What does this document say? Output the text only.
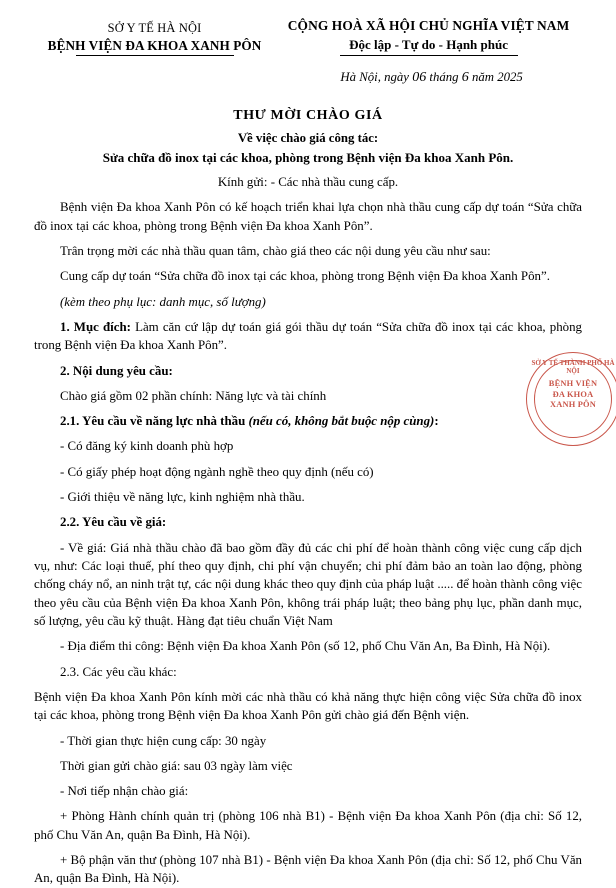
SỞ Y TẾ HÀ NỘI
BỆNH VIỆN ĐA KHOA XANH PÔN
CỘNG HOÀ XÃ HỘI CHỦ NGHĨA VIỆT NAM
Độc lập - Tự do - Hạnh phúc
Hà Nội, ngày 06 tháng 6 năm 2025
THƯ MỜI CHÀO GIÁ
Về việc chào giá công tác:
Sửa chữa đồ inox tại các khoa, phòng trong Bệnh viện Đa khoa Xanh Pôn.
Kính gửi: - Các nhà thầu cung cấp.
Bệnh viện Đa khoa Xanh Pôn có kế hoạch triển khai lựa chọn nhà thầu cung cấp dự toán “Sửa chữa đồ inox tại các khoa, phòng trong Bệnh viện Đa khoa Xanh Pôn”.
Trân trọng mời các nhà thầu quan tâm, chào giá theo các nội dung yêu cầu như sau:
Cung cấp dự toán “Sửa chữa đồ inox tại các khoa, phòng trong Bệnh viện Đa khoa Xanh Pôn”.
(kèm theo phụ lục: danh mục, số lượng)
1. Mục đích: Làm căn cứ lập dự toán giá gói thầu dự toán “Sửa chữa đồ inox tại các khoa, phòng trong Bệnh viện Đa khoa Xanh Pôn”.
2. Nội dung yêu cầu:
Chào giá gồm 02 phần chính: Năng lực và tài chính
2.1. Yêu cầu về năng lực nhà thầu (nếu có, không bắt buộc nộp cùng):
- Có đăng ký kinh doanh phù hợp
- Có giấy phép hoạt động ngành nghề theo quy định (nếu có)
- Giới thiệu về năng lực, kinh nghiệm nhà thầu.
2.2. Yêu cầu về giá:
- Về giá: Giá nhà thầu chào đã bao gồm đầy đủ các chi phí để hoàn thành công việc cung cấp dịch vụ, như: Các loại thuế, phí theo quy định, chi phí vận chuyển; chi phí đảm bảo an toàn lao động, phòng chống cháy nổ, an ninh trật tự, các nội dung khác theo quy định của pháp luật ..... để hoàn thành công việc theo yêu cầu của Bệnh viện Đa khoa Xanh Pôn, không trái pháp luật; theo bảng phụ lục, phần danh mục, số lượng, yêu cầu kỹ thuật. Hàng đạt tiêu chuẩn Việt Nam
- Địa điểm thi công: Bệnh viện Đa khoa Xanh Pôn (số 12, phố Chu Văn An, Ba Đình, Hà Nội).
2.3. Các yêu cầu khác:
Bệnh viện Đa khoa Xanh Pôn kính mời các nhà thầu có khả năng thực hiện công việc Sửa chữa đồ inox tại các khoa, phòng trong Bệnh viện Đa khoa Xanh Pôn gửi chào giá đến Bệnh viện.
- Thời gian thực hiện cung cấp: 30 ngày
Thời gian gửi chào giá: sau 03 ngày làm việc
- Nơi tiếp nhận chào giá:
+ Phòng Hành chính quản trị (phòng 106 nhà B1) - Bệnh viện Đa khoa Xanh Pôn (địa chỉ: Số 12, phố Chu Văn An, quận Ba Đình, Hà Nội).
+ Bộ phận văn thư (phòng 107 nhà B1) - Bệnh viện Đa khoa Xanh Pôn (địa chỉ: Số 12, phố Chu Văn An, quận Ba Đình, Hà Nội).
SỞ Y TẾ THÀNH PHỐ HÀ NỘI
BỆNH VIỆN
ĐA KHOA
XANH PÔN
